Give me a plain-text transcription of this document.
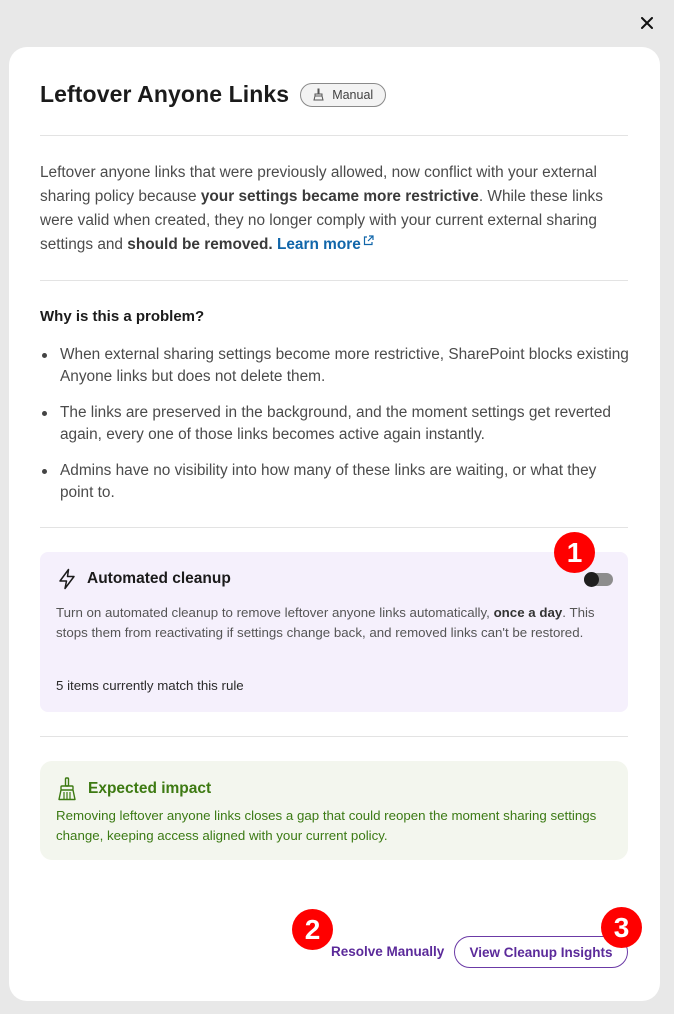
Leftover Anyone Links	Manual
Leftover anyone links that were previously allowed, now conflict with your external sharing policy because your settings became more restrictive. While these links were valid when created, they no longer comply with your current external sharing settings and should be removed. Learn more
Why is this a problem?
When external sharing settings become more restrictive, SharePoint blocks existing Anyone links but does not delete them.
The links are preserved in the background, and the moment settings get reverted again, every one of those links becomes active again instantly.
Admins have no visibility into how many of these links are waiting, or what they point to.
Automated cleanup
Turn on automated cleanup to remove leftover anyone links automatically, once a day. This stops them from reactivating if settings change back, and removed links can't be restored.
5 items currently match this rule
Expected impact
Removing leftover anyone links closes a gap that could reopen the moment sharing settings change, keeping access aligned with your current policy.
Resolve Manually View Cleanup Insights
1
2	3
